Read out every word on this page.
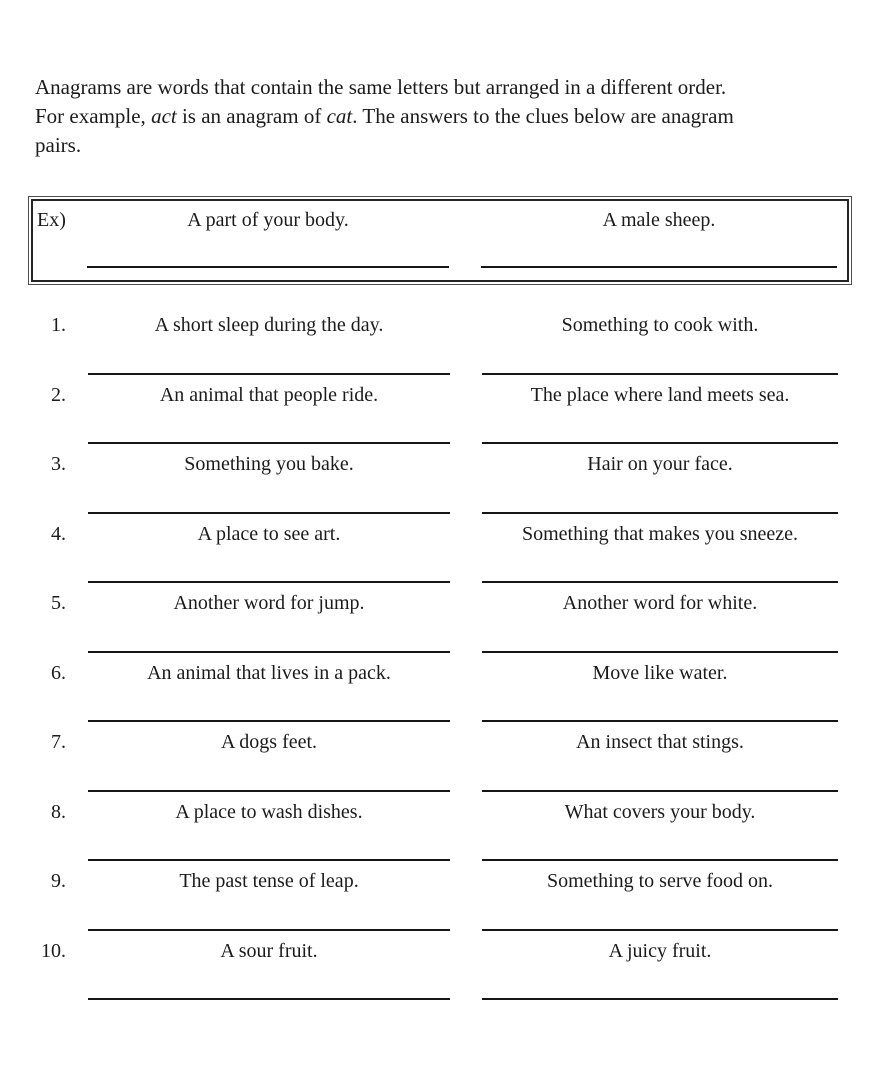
Anagrams are words that contain the same letters but arranged in a different order.
For example, act is an anagram of cat. The answers to the clues below are anagram
pairs.
Ex)	A part of your body.	A male sheep.
1.	A short sleep during the day.	Something to cook with.
2.	An animal that people ride.	The place where land meets sea.
3.	Something you bake.	Hair on your face.
4.	A place to see art.	Something that makes you sneeze.
5.	Another word for jump.	Another word for white.
6.	An animal that lives in a pack.	Move like water.
7.	A dogs feet.	An insect that stings.
8.	A place to wash dishes.	What covers your body.
9.	The past tense of leap.	Something to serve food on.
10.	A sour fruit.	A juicy fruit.
